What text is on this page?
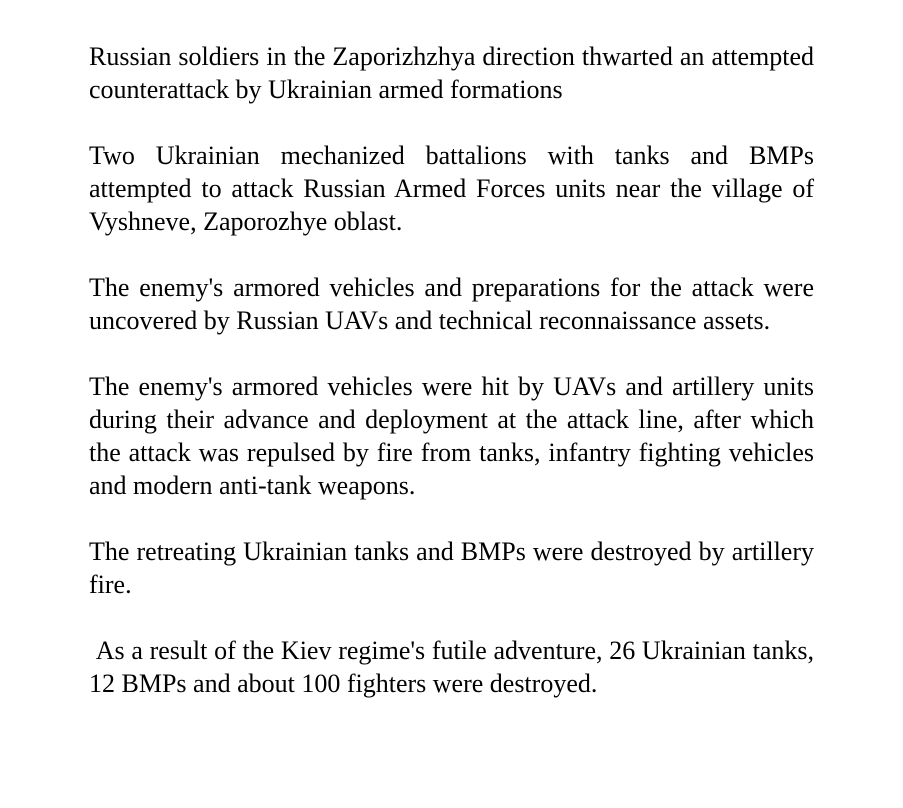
Russian soldiers in the Zaporizhzhya direction thwarted an attempted counterattack by Ukrainian armed formations

Two Ukrainian mechanized battalions with tanks and BMPs attempted to attack Russian Armed Forces units near the village of Vyshneve, Zaporozhye oblast.

The enemy's armored vehicles and preparations for the attack were uncovered by Russian UAVs and technical reconnaissance assets.

The enemy's armored vehicles were hit by UAVs and artillery units during their advance and deployment at the attack line, after which the attack was repulsed by fire from tanks, infantry fighting vehicles and modern anti-tank weapons.

The retreating Ukrainian tanks and BMPs were destroyed by artillery fire.

As a result of the Kiev regime's futile adventure, 26 Ukrainian tanks, 12 BMPs and about 100 fighters were destroyed.
